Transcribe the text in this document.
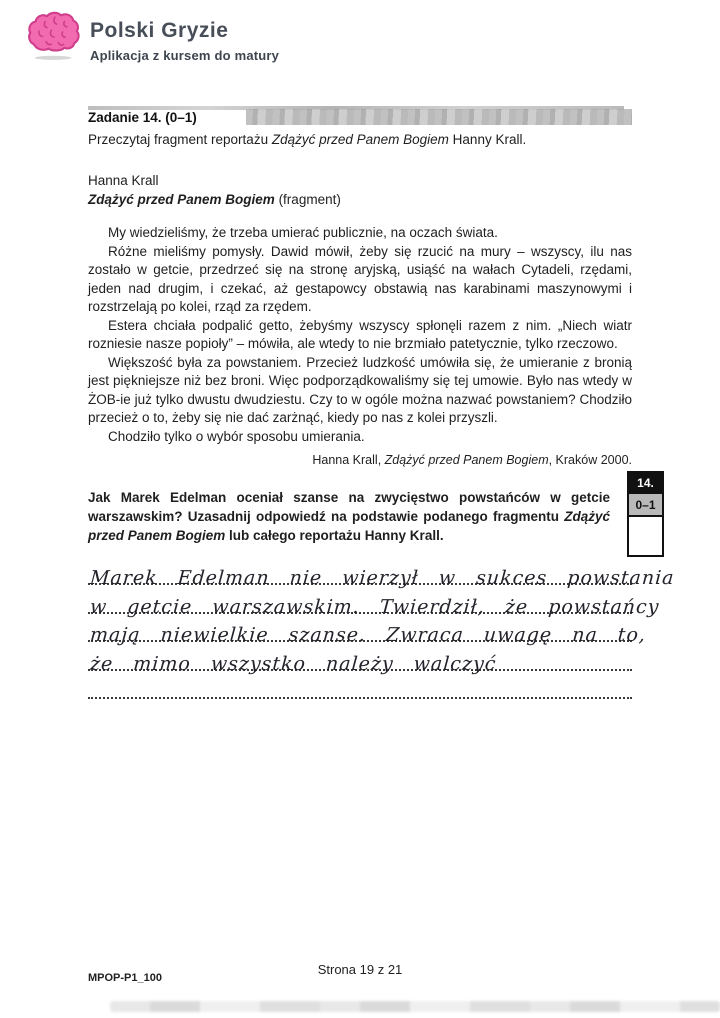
Polski Gryzie
Aplikacja z kursem do matury
Zadanie 14. (0–1)
Przeczytaj fragment reportażu Zdążyć przed Panem Bogiem Hanny Krall.
Hanna Krall
Zdążyć przed Panem Bogiem (fragment)

My wiedzieliśmy, że trzeba umierać publicznie, na oczach świata.

Różne mieliśmy pomysły. Dawid mówił, żeby się rzucić na mury – wszyscy, ilu nas zostało w getcie, przedrzeć się na stronę aryjską, usiąść na wałach Cytadeli, rzędami, jeden nad drugim, i czekać, aż gestapowcy obstawią nas karabinami maszynowymi i rozstrzelają po kolei, rząd za rzędem.

Estera chciała podpalić getto, żebyśmy wszyscy spłonęli razem z nim. „Niech wiatr rozniesie nasze popioły” – mówiła, ale wtedy to nie brzmiało patetycznie, tylko rzeczowo.

Większość była za powstaniem. Przecież ludzkość umówiła się, że umieranie z bronią jest piękniejsze niż bez broni. Więc podporządkowaliśmy się tej umowie. Było nas wtedy w ŻOB-ie już tylko dwustu dwudziestu. Czy to w ogóle można nazwać powstaniem? Chodziło przecież o to, żeby się nie dać zarżnąć, kiedy po nas z kolei przyszli.

Chodziło tylko o wybór sposobu umierania.

Hanna Krall, Zdążyć przed Panem Bogiem, Kraków 2000.
Jak Marek Edelman oceniał szanse na zwycięstwo powstańców w getcie warszawskim? Uzasadnij odpowiedź na podstawie podanego fragmentu Zdążyć przed Panem Bogiem lub całego reportażu Hanny Krall.
Marek Edelman nie wierzył w sukces powstania
w getcie warszawskim. Twierdził, że powstańcy
mają niewielkie szanse. Zwraca uwagę na to,
że mimo wszystko należy walczyć
14.
0–1
Strona 19 z 21
MPOP-P1_100
